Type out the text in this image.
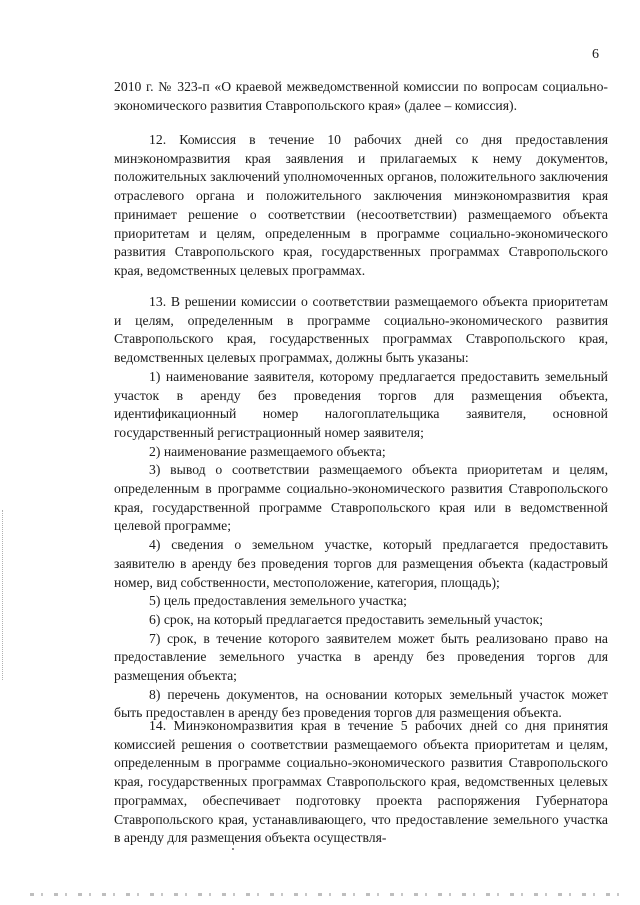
6

2010 г. № 323-п «О краевой межведомственной комиссии по вопросам социально-экономического развития Ставропольского края» (далее – комиссия).

12. Комиссия в течение 10 рабочих дней со дня предоставления минэкономразвития края заявления и прилагаемых к нему документов, положительных заключений уполномоченных органов, положительного заключения отраслевого органа и положительного заключения минэкономразвития края принимает решение о соответствии (несоответствии) размещаемого объекта приоритетам и целям, определенным в программе социально-экономического развития Ставропольского края, государственных программах Ставропольского края, ведомственных целевых программах.

13. В решении комиссии о соответствии размещаемого объекта приоритетам и целям, определенным в программе социально-экономического развития Ставропольского края, государственных программах Ставропольского края, ведомственных целевых программах, должны быть указаны:

1) наименование заявителя, которому предлагается предоставить земельный участок в аренду без проведения торгов для размещения объекта, идентификационный номер налогоплательщика заявителя, основной государственный регистрационный номер заявителя;

2) наименование размещаемого объекта;

3) вывод о соответствии размещаемого объекта приоритетам и целям, определенным в программе социально-экономического развития Ставропольского края, государственной программе Ставропольского края или в ведомственной целевой программе;

4) сведения о земельном участке, который предлагается предоставить заявителю в аренду без проведения торгов для размещения объекта (кадастровый номер, вид собственности, местоположение, категория, площадь);

5) цель предоставления земельного участка;

6) срок, на который предлагается предоставить земельный участок;

7) срок, в течение которого заявителем может быть реализовано право на предоставление земельного участка в аренду без проведения торгов для размещения объекта;

8) перечень документов, на основании которых земельный участок может быть предоставлен в аренду без проведения торгов для размещения объекта.

14. Минэкономразвития края в течение 5 рабочих дней со дня принятия комиссией решения о соответствии размещаемого объекта приоритетам и целям, определенным в программе социально-экономического развития Ставропольского края, государственных программах Ставропольского края, ведомственных целевых программах, обеспечивает подготовку проекта распоряжения Губернатора Ставропольского края, устанавливающего, что предоставление земельного участка в аренду для размещения объекта осуществля-
